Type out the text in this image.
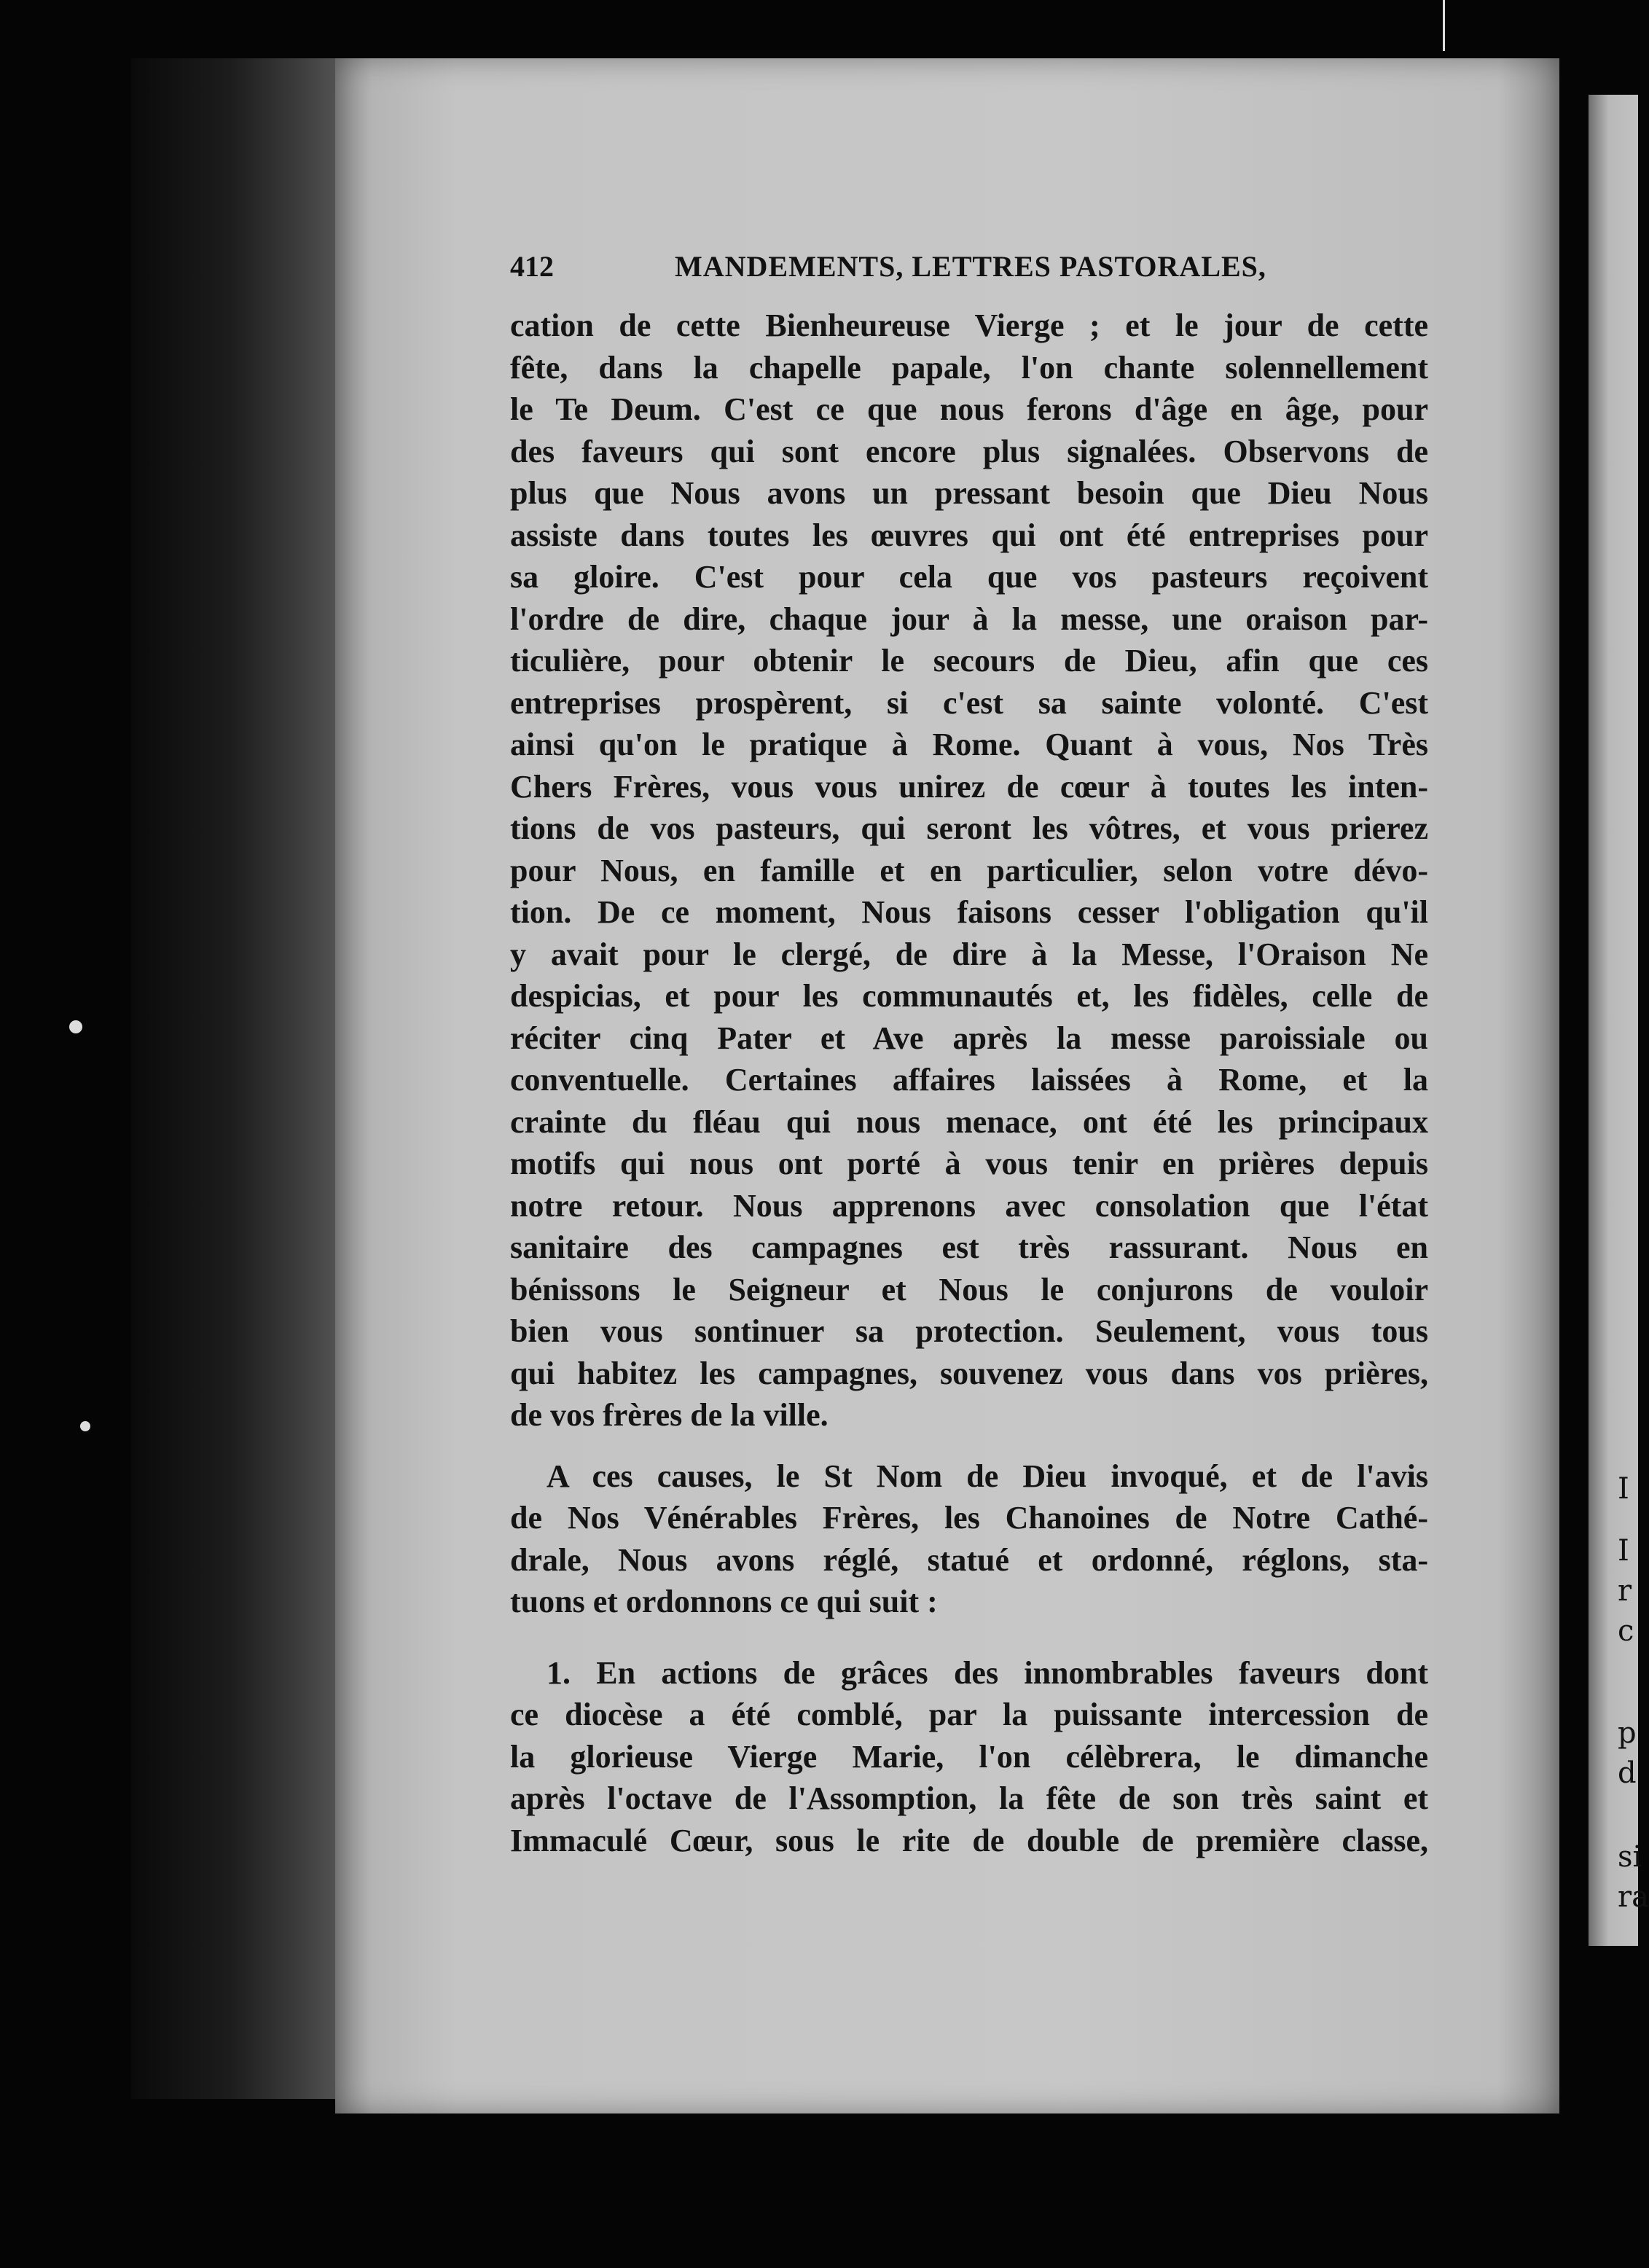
I
I
r
c
p
d
si
ra
412	MANDEMENTS, LETTRES PASTORALES,
cation de cette Bienheureuse Vierge ; et le jour de cette
fête, dans la chapelle papale, l'on chante solennellement
le Te Deum. C'est ce que nous ferons d'âge en âge, pour
des faveurs qui sont encore plus signalées. Observons de
plus que Nous avons un pressant besoin que Dieu Nous
assiste dans toutes les œuvres qui ont été entreprises pour
sa gloire. C'est pour cela que vos pasteurs reçoivent
l'ordre de dire, chaque jour à la messe, une oraison par-
ticulière, pour obtenir le secours de Dieu, afin que ces
entreprises prospèrent, si c'est sa sainte volonté. C'est
ainsi qu'on le pratique à Rome. Quant à vous, Nos Très
Chers Frères, vous vous unirez de cœur à toutes les inten-
tions de vos pasteurs, qui seront les vôtres, et vous prierez
pour Nous, en famille et en particulier, selon votre dévo-
tion. De ce moment, Nous faisons cesser l'obligation qu'il
y avait pour le clergé, de dire à la Messe, l'Oraison Ne
despicias, et pour les communautés et, les fidèles, celle de
réciter cinq Pater et Ave après la messe paroissiale ou
conventuelle. Certaines affaires laissées à Rome, et la
crainte du fléau qui nous menace, ont été les principaux
motifs qui nous ont porté à vous tenir en prières depuis
notre retour. Nous apprenons avec consolation que l'état
sanitaire des campagnes est très rassurant. Nous en
bénissons le Seigneur et Nous le conjurons de vouloir
bien vous sontinuer sa protection. Seulement, vous tous
qui habitez les campagnes, souvenez vous dans vos prières,
de vos frères de la ville.
A ces causes, le St Nom de Dieu invoqué, et de l'avis
de Nos Vénérables Frères, les Chanoines de Notre Cathé-
drale, Nous avons réglé, statué et ordonné, réglons, sta-
tuons et ordonnons ce qui suit :
1. En actions de grâces des innombrables faveurs dont
ce diocèse a été comblé, par la puissante intercession de
la glorieuse Vierge Marie, l'on célèbrera, le dimanche
après l'octave de l'Assomption, la fête de son très saint et
Immaculé Cœur, sous le rite de double de première classe,
